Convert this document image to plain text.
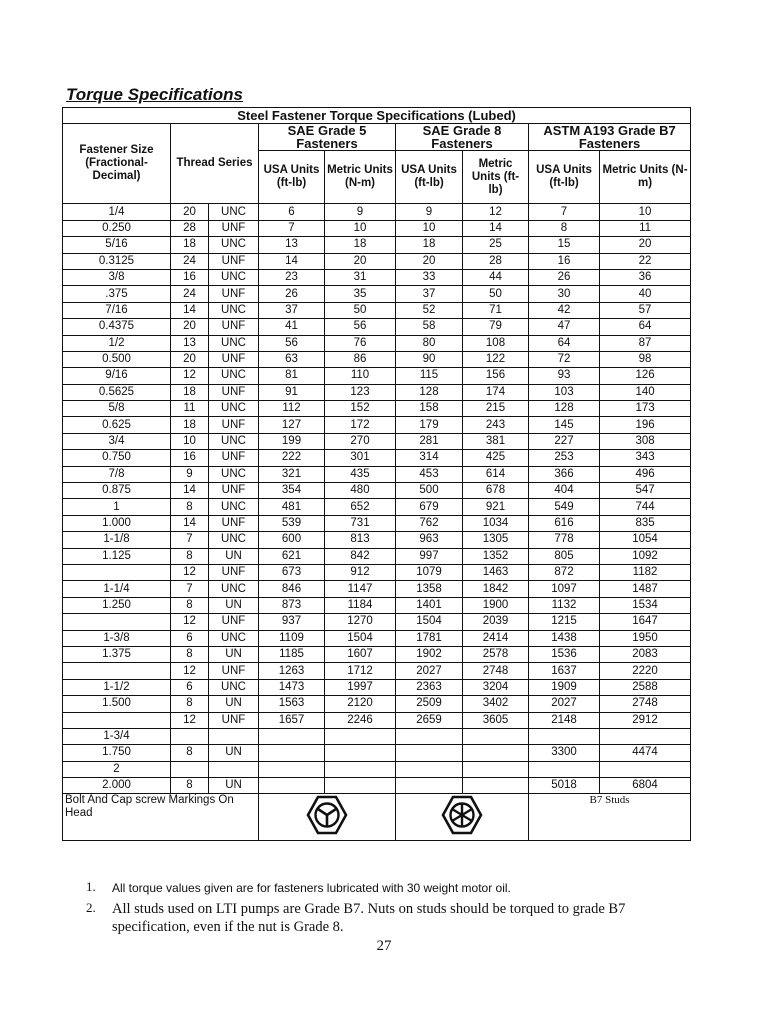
Torque Specifications
Steel Fastener Torque Specifications (Lubed)								
Fastener Size (Fractional-Decimal)	Thread Series		SAE Grade 5 Fasteners		SAE Grade 8 Fasteners		ASTM A193 Grade B7 Fasteners	
			USA Units (ft-lb)	Metric Units (N-m)	USA Units (ft-lb)	Metric Units (ft-lb)	USA Units (ft-lb)	Metric Units (N-m)
1/4	20	UNC	6	9	9	12	7	10
0.250	28	UNF	7	10	10	14	8	11
5/16	18	UNC	13	18	18	25	15	20
0.3125	24	UNF	14	20	20	28	16	22
3/8	16	UNC	23	31	33	44	26	36
.375	24	UNF	26	35	37	50	30	40
7/16	14	UNC	37	50	52	71	42	57
0.4375	20	UNF	41	56	58	79	47	64
1/2	13	UNC	56	76	80	108	64	87
0.500	20	UNF	63	86	90	122	72	98
9/16	12	UNC	81	110	115	156	93	126
0.5625	18	UNF	91	123	128	174	103	140
5/8	11	UNC	112	152	158	215	128	173
0.625	18	UNF	127	172	179	243	145	196
3/4	10	UNC	199	270	281	381	227	308
0.750	16	UNF	222	301	314	425	253	343
7/8	9	UNC	321	435	453	614	366	496
0.875	14	UNF	354	480	500	678	404	547
1	8	UNC	481	652	679	921	549	744
1.000	14	UNF	539	731	762	1034	616	835
1-1/8	7	UNC	600	813	963	1305	778	1054
1.125	8	UN	621	842	997	1352	805	1092
	12	UNF	673	912	1079	1463	872	1182
1-1/4	7	UNC	846	1147	1358	1842	1097	1487
1.250	8	UN	873	1184	1401	1900	1132	1534
	12	UNF	937	1270	1504	2039	1215	1647
1-3/8	6	UNC	1109	1504	1781	2414	1438	1950
1.375	8	UN	1185	1607	1902	2578	1536	2083
	12	UNF	1263	1712	2027	2748	1637	2220
1-1/2	6	UNC	1473	1997	2363	3204	1909	2588
1.500	8	UN	1563	2120	2509	3402	2027	2748
	12	UNF	1657	2246	2659	3605	2148	2912
1-3/4								
1.750	8	UN					3300	4474
2								
2.000	8	UN					5018	6804
Bolt And Cap screw Markings On Head							B7 Studs	
1. All torque values given are for fasteners lubricated with 30 weight motor oil.
2. All studs used on LTI pumps are Grade B7. Nuts on studs should be torqued to grade B7 specification, even if the nut is Grade 8.
27
